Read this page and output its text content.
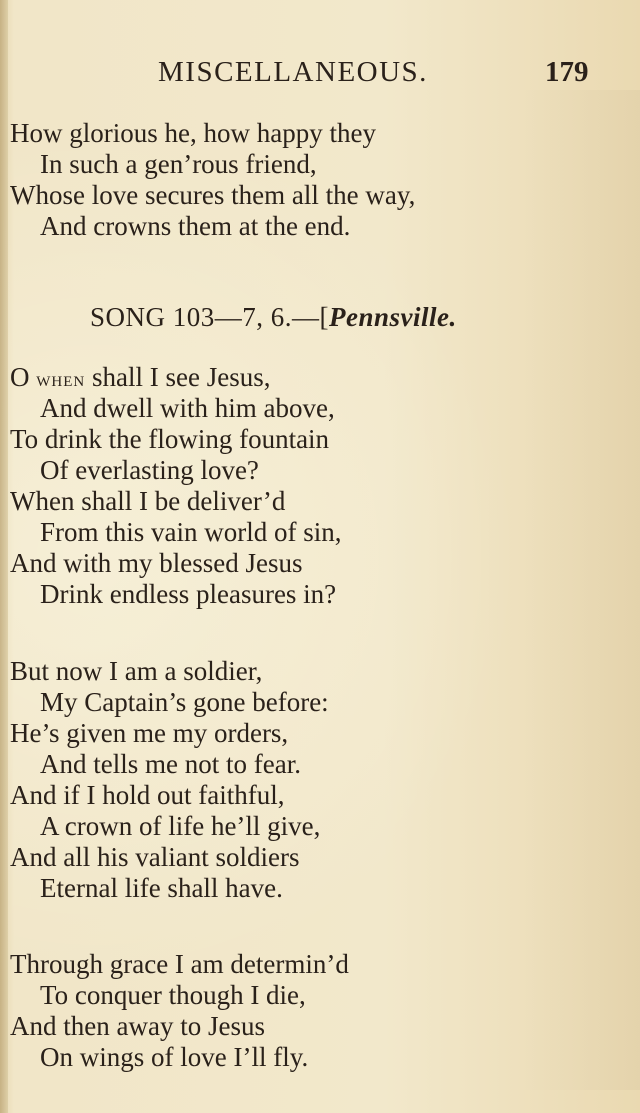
MISCELLANEOUS.	179
How glorious he, how happy they
In such a gen’rous friend,
Whose love secures them all the way,
And crowns them at the end.
SONG 103—7, 6.—[Pennsville.
O when shall I see Jesus,
And dwell with him above,
To drink the flowing fountain
Of everlasting love?
When shall I be deliver’d
From this vain world of sin,
And with my blessed Jesus
Drink endless pleasures in?
But now I am a soldier,
My Captain’s gone before:
He’s given me my orders,
And tells me not to fear.
And if I hold out faithful,
A crown of life he’ll give,
And all his valiant soldiers
Eternal life shall have.
Through grace I am determin’d
To conquer though I die,
And then away to Jesus
On wings of love I’ll fly.
